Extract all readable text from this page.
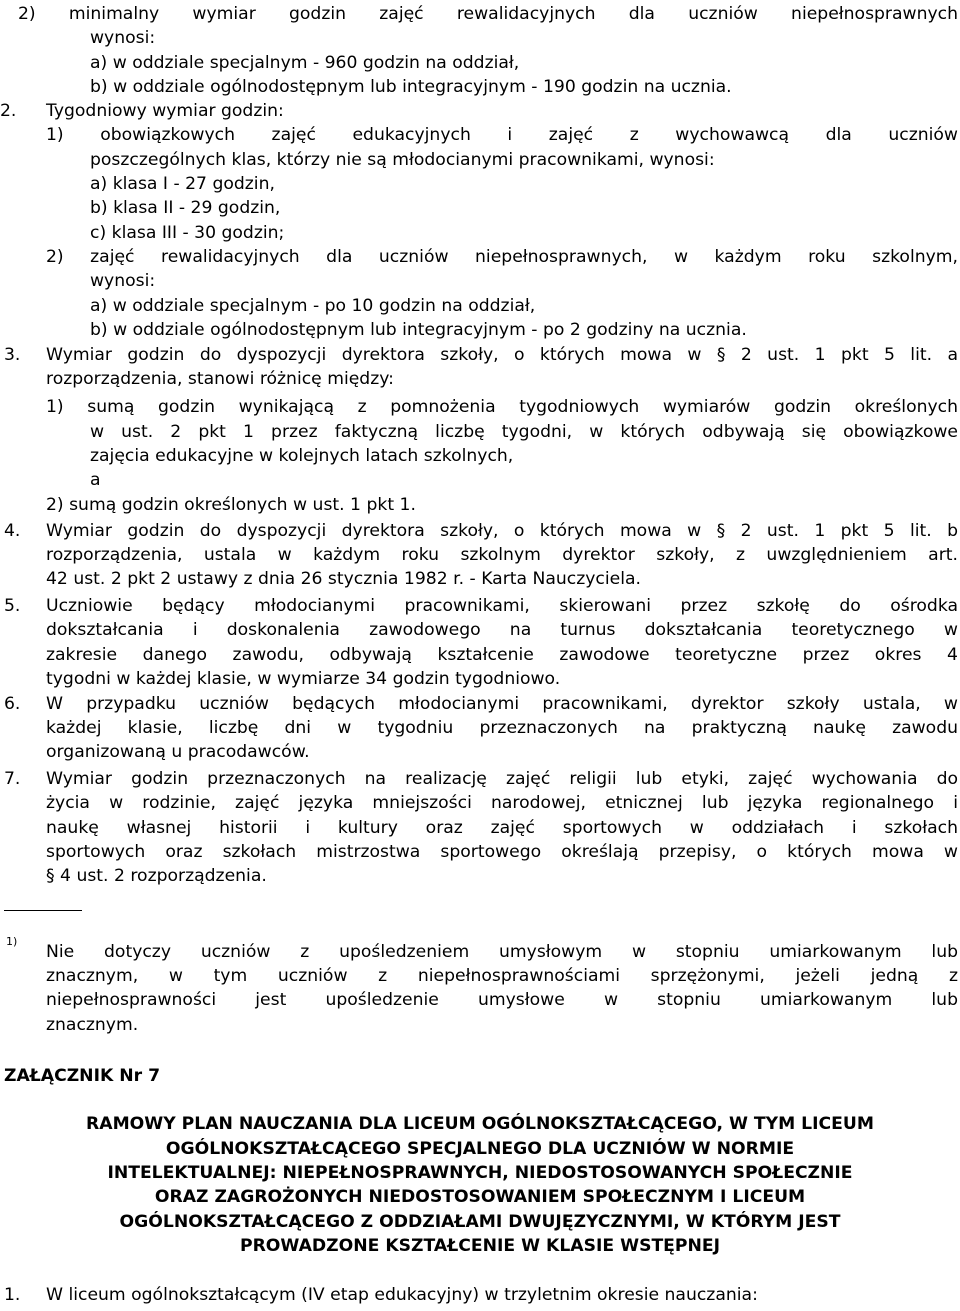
2) minimalny wymiar godzin zajęć rewalidacyjnych dla uczniów niepełnosprawnych
wynosi:
a) w oddziale specjalnym - 960 godzin na oddział,
b) w oddziale ogólnodostępnym lub integracyjnym - 190 godzin na ucznia.
2. Tygodniowy wymiar godzin:
1) obowiązkowych zajęć edukacyjnych i zajęć z wychowawcą dla uczniów
poszczególnych klas, którzy nie są młodocianymi pracownikami, wynosi:
a) klasa I - 27 godzin,
b) klasa II - 29 godzin,
c) klasa III - 30 godzin;
2) zajęć rewalidacyjnych dla uczniów niepełnosprawnych, w każdym roku szkolnym,
wynosi:
a) w oddziale specjalnym - po 10 godzin na oddział,
b) w oddziale ogólnodostępnym lub integracyjnym - po 2 godziny na ucznia.
3. Wymiar godzin do dyspozycji dyrektora szkoły, o których mowa w § 2 ust. 1 pkt 5 lit. a
rozporządzenia, stanowi różnicę między:
1) sumą godzin wynikającą z pomnożenia tygodniowych wymiarów godzin określonych
w ust. 2 pkt 1 przez faktyczną liczbę tygodni, w których odbywają się obowiązkowe
zajęcia edukacyjne w kolejnych latach szkolnych,
a
2) sumą godzin określonych w ust. 1 pkt 1.
4. Wymiar godzin do dyspozycji dyrektora szkoły, o których mowa w § 2 ust. 1 pkt 5 lit. b
rozporządzenia, ustala w każdym roku szkolnym dyrektor szkoły, z uwzględnieniem art.
42 ust. 2 pkt 2 ustawy z dnia 26 stycznia 1982 r. - Karta Nauczyciela.
5. Uczniowie będący młodocianymi pracownikami, skierowani przez szkołę do ośrodka
dokształcania i doskonalenia zawodowego na turnus dokształcania teoretycznego w
zakresie danego zawodu, odbywają kształcenie zawodowe teoretyczne przez okres 4
tygodni w każdej klasie, w wymiarze 34 godzin tygodniowo.
6. W przypadku uczniów będących młodocianymi pracownikami, dyrektor szkoły ustala, w
każdej klasie, liczbę dni w tygodniu przeznaczonych na praktyczną naukę zawodu
organizowaną u pracodawców.
7. Wymiar godzin przeznaczonych na realizację zajęć religii lub etyki, zajęć wychowania do
życia w rodzinie, zajęć języka mniejszości narodowej, etnicznej lub języka regionalnego i
naukę własnej historii i kultury oraz zajęć sportowych w oddziałach i szkołach
sportowych oraz szkołach mistrzostwa sportowego określają przepisy, o których mowa w
§ 4 ust. 2 rozporządzenia.
1)
Nie dotyczy uczniów z upośledzeniem umysłowym w stopniu umiarkowanym lub
znacznym, w tym uczniów z niepełnosprawnościami sprzężonymi, jeżeli jedną z
niepełnosprawności jest upośledzenie umysłowe w stopniu umiarkowanym lub
znacznym.
ZAŁĄCZNIK Nr 7
RAMOWY PLAN NAUCZANIA DLA LICEUM OGÓLNOKSZTAŁCĄCEGO, W TYM LICEUM
OGÓLNOKSZTAŁCĄCEGO SPECJALNEGO DLA UCZNIÓW W NORMIE
INTELEKTUALNEJ: NIEPEŁNOSPRAWNYCH, NIEDOSTOSOWANYCH SPOŁECZNIE
ORAZ ZAGROŻONYCH NIEDOSTOSOWANIEM SPOŁECZNYM I LICEUM
OGÓLNOKSZTAŁCĄCEGO Z ODDZIAŁAMI DWUJĘZYCZNYMI, W KTÓRYM JEST
PROWADZONE KSZTAŁCENIE W KLASIE WSTĘPNEJ
1. W liceum ogólnokształcącym (IV etap edukacyjny) w trzyletnim okresie nauczania:
